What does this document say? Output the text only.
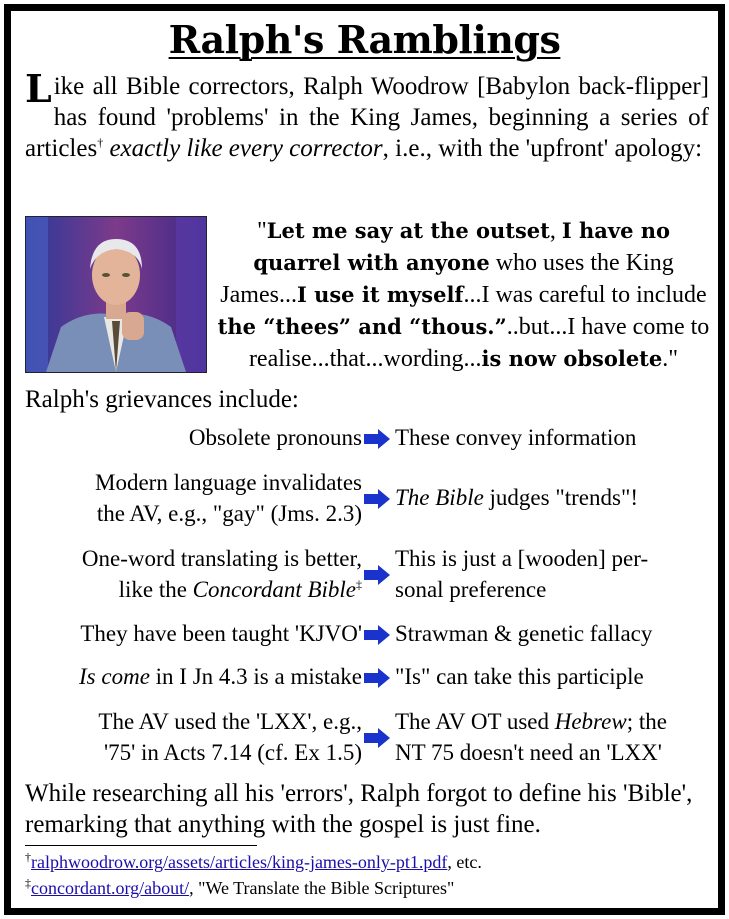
Ralph's Ramblings
Like all Bible correctors, Ralph Woodrow [Babylon back-flipper] has found 'problems' in the King James, beginning a series of articles† exactly like every corrector, i.e., with the 'upfront' apology:
"Let me say at the outset, I have no quarrel with anyone who uses the King James...I use it myself...I was careful to include the “thees” and “thous.”..but...I have come to realise...that...wording...is now obsolete."
Ralph's grievances include:
Obsolete pronouns These convey information
Modern language invalidates
the AV, e.g., "gay" (Jms. 2.3)
The Bible judges "trends"!
One-word translating is better,
like the Concordant Bible‡
This is just a [wooden] per-
sonal preference
They have been taught 'KJVO' Strawman & genetic fallacy
Is come in I Jn 4.3 is a mistake "Is" can take this participle
The AV used the 'LXX', e.g.,
'75' in Acts 7.14 (cf. Ex 1.5)
The AV OT used Hebrew; the
NT 75 doesn't need an 'LXX'
While researching all his 'errors', Ralph forgot to define his 'Bible', remarking that anything with the gospel is just fine.
†ralphwoodrow.org/assets/articles/king-james-only-pt1.pdf, etc.
‡concordant.org/about/, "We Translate the Bible Scriptures"
